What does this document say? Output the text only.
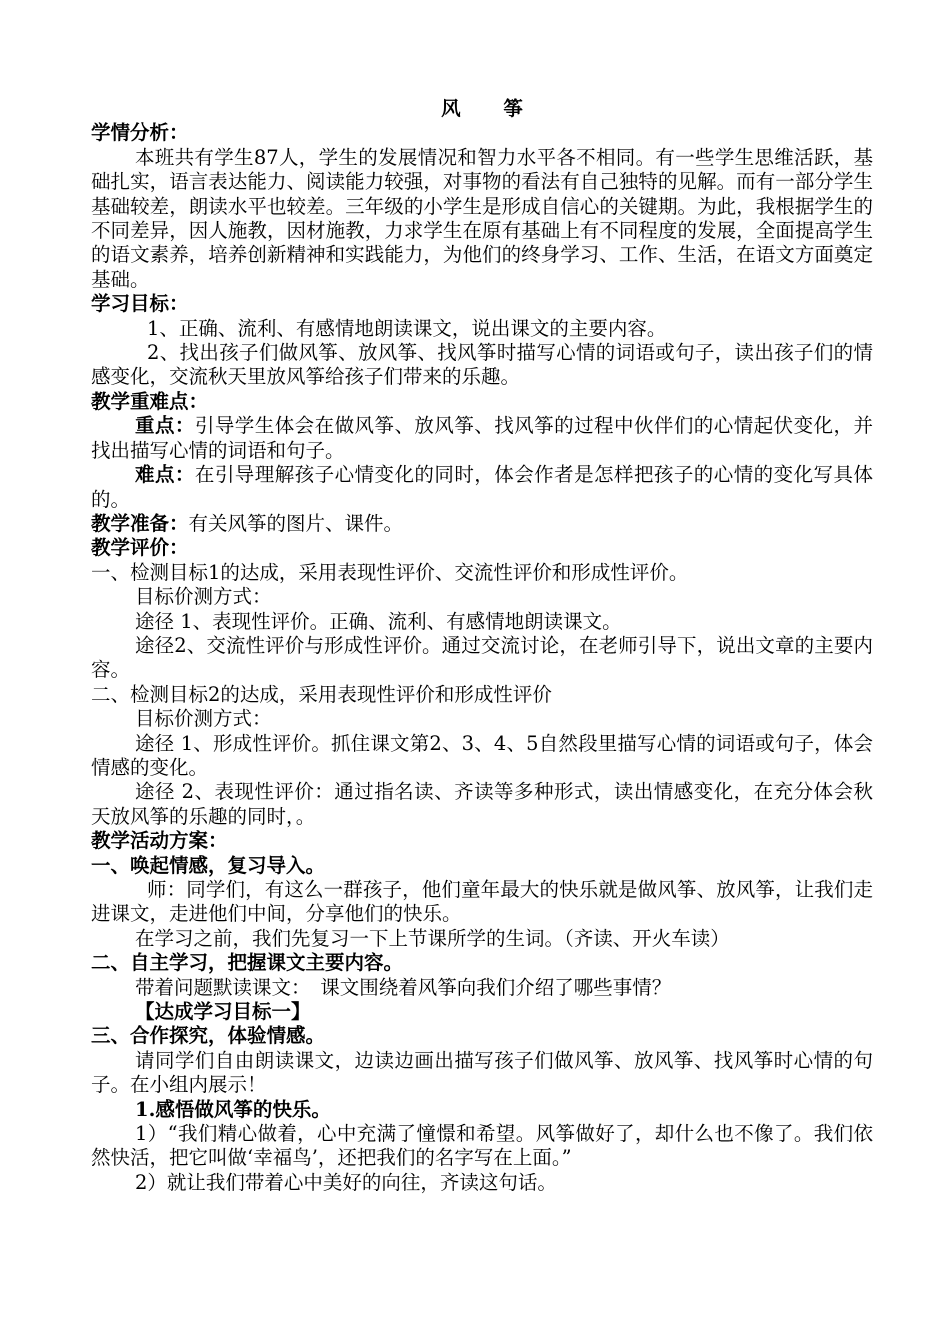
风 筝
学情分析：

本班共有学生87人，学生的发展情况和智力水平各不相同。有一些学生思维活跃，基础扎实，语言表达能力、阅读能力较强，对事物的看法有自己独特的见解。而有一部分学生基础较差，朗读水平也较差。三年级的小学生是形成自信心的关键期。为此，我根据学生的不同差异，因人施教，因材施教，力求学生在原有基础上有不同程度的发展，全面提高学生的语文素养，培养创新精神和实践能力，为他们的终身学习、工作、生活，在语文方面奠定基础。

学习目标：

1、正确、流利、有感情地朗读课文，说出课文的主要内容。

2、找出孩子们做风筝、放风筝、找风筝时描写心情的词语或句子，读出孩子们的情感变化，交流秋天里放风筝给孩子们带来的乐趣。

教学重难点：

重点：引导学生体会在做风筝、放风筝、找风筝的过程中伙伴们的心情起伏变化，并找出描写心情的词语和句子。

难点：在引导理解孩子心情变化的同时，体会作者是怎样把孩子的心情的变化写具体的。

教学准备：有关风筝的图片、课件。

教学评价：

一、检测目标1的达成，采用表现性评价、交流性评价和形成性评价。

目标价测方式：

途径 1、表现性评价。正确、流利、有感情地朗读课文。

途径2、交流性评价与形成性评价。通过交流讨论，在老师引导下，说出文章的主要内容。

二、检测目标2的达成，采用表现性评价和形成性评价

目标价测方式：

途径 1、形成性评价。抓住课文第2、3、4、5自然段里描写心情的词语或句子，体会情感的变化。

途径 2、表现性评价：通过指名读、齐读等多种形式，读出情感变化，在充分体会秋天放风筝的乐趣的同时，。

教学活动方案：
一、唤起情感，复习导入。

师：同学们，有这么一群孩子，他们童年最大的快乐就是做风筝、放风筝，让我们走进课文，走进他们中间，分享他们的快乐。

在学习之前，我们先复习一下上节课所学的生词。（齐读、开火车读）

二、自主学习，把握课文主要内容。

带着问题默读课文：　课文围绕着风筝向我们介绍了哪些事情？

【达成学习目标一】

三、合作探究，体验情感。

请同学们自由朗读课文，边读边画出描写孩子们做风筝、放风筝、找风筝时心情的句子。在小组内展示！

1.感悟做风筝的快乐。

1）“我们精心做着，心中充满了憧憬和希望。风筝做好了，却什么也不像了。我们依然快活，把它叫做‘幸福鸟’，还把我们的名字写在上面。”

2）就让我们带着心中美好的向往，齐读这句话。
